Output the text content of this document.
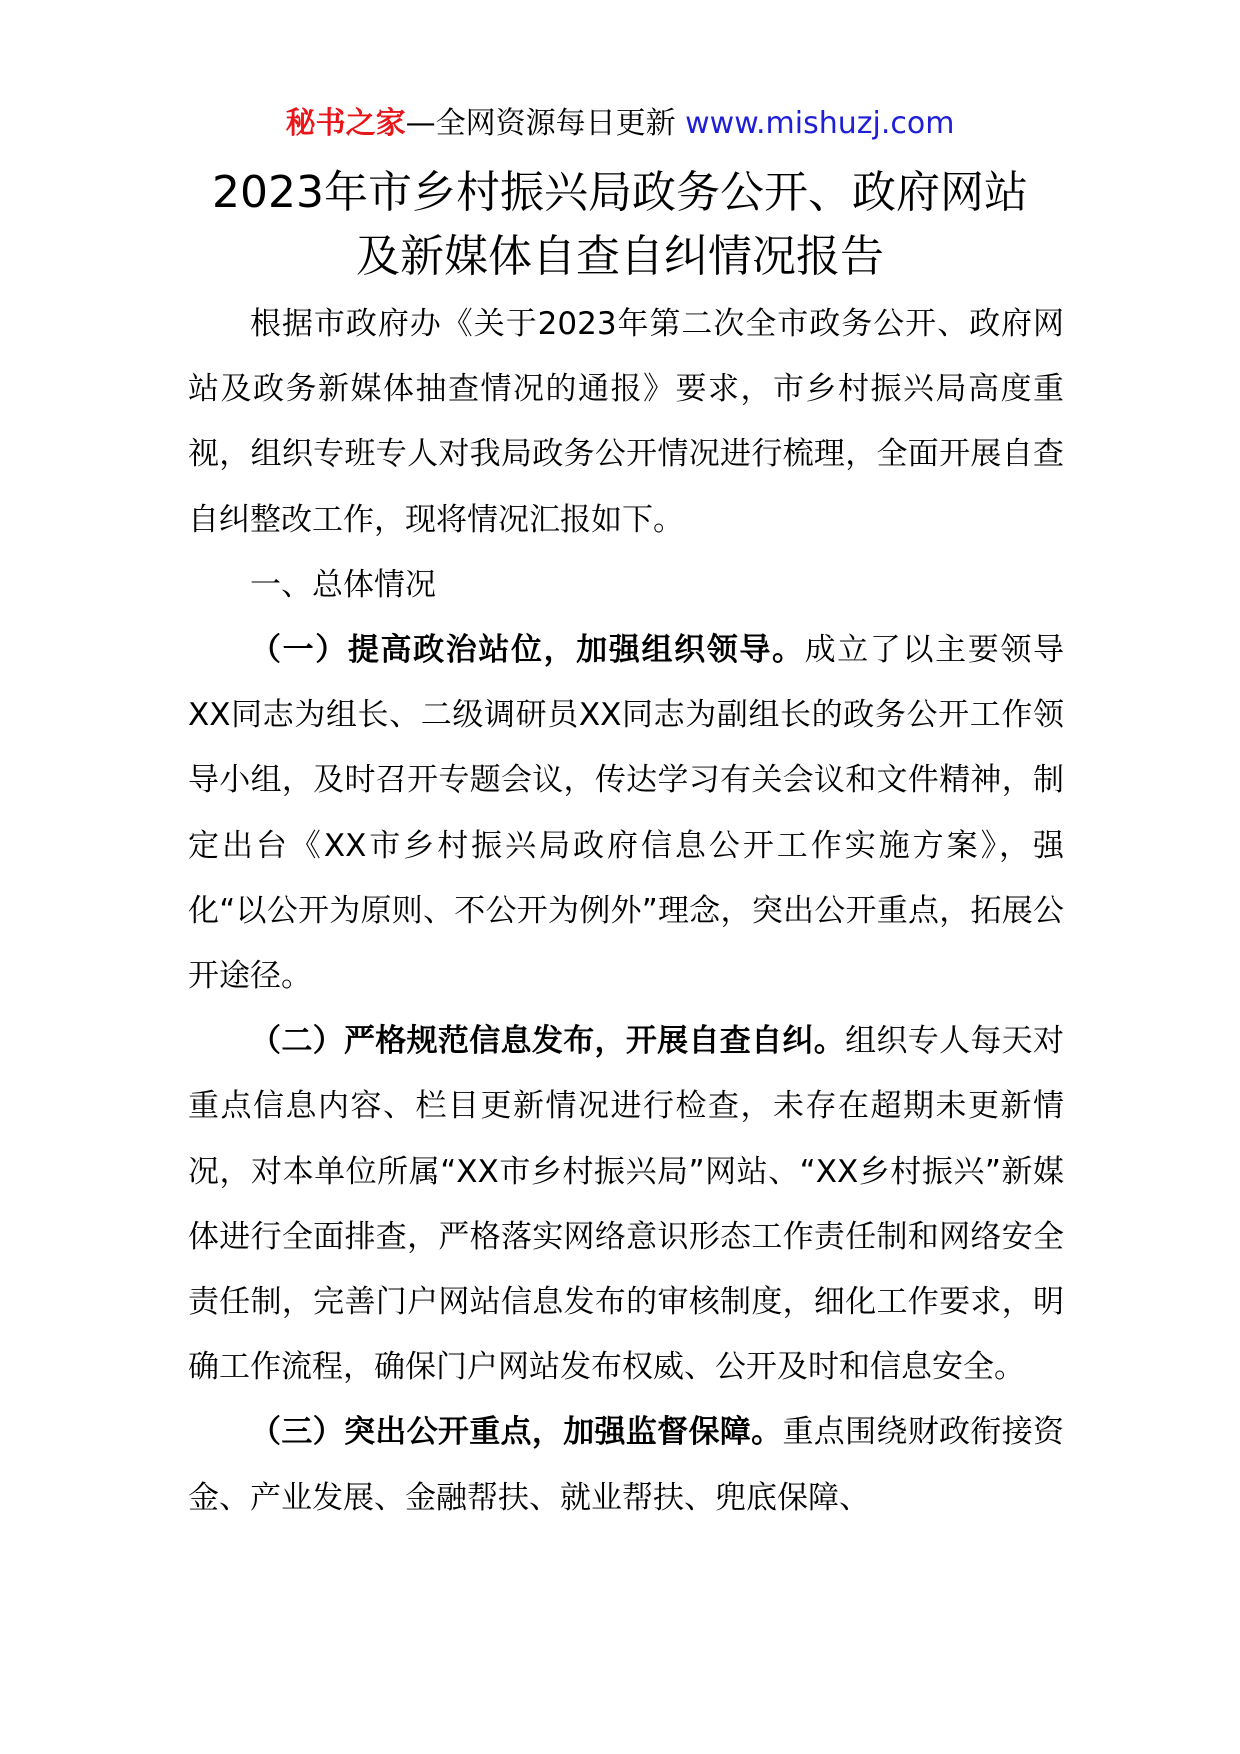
秘书之家—全网资源每日更新 www.mishuzj.com
2023年市乡村振兴局政务公开、政府网站
及新媒体自查自纠情况报告

根据市政府办《关于2023年第二次全市政务公开、政府网站及政务新媒体抽查情况的通报》要求，市乡村振兴局高度重视，组织专班专人对我局政务公开情况进行梳理，全面开展自查自纠整改工作，现将情况汇报如下。

一、总体情况

（一）提高政治站位，加强组织领导。成立了以主要领导XX同志为组长、二级调研员XX同志为副组长的政务公开工作领导小组，及时召开专题会议，传达学习有关会议和文件精神，制定出台《XX市乡村振兴局政府信息公开工作实施方案》，强化“以公开为原则、不公开为例外”理念，突出公开重点，拓展公开途径。

（二）严格规范信息发布，开展自查自纠。组织专人每天对重点信息内容、栏目更新情况进行检查，未存在超期未更新情况，对本单位所属“XX市乡村振兴局”网站、“XX乡村振兴”新媒体进行全面排查，严格落实网络意识形态工作责任制和网络安全责任制，完善门户网站信息发布的审核制度，细化工作要求，明确工作流程，确保门户网站发布权威、公开及时和信息安全。

（三）突出公开重点，加强监督保障。重点围绕财政衔接资金、产业发展、金融帮扶、就业帮扶、兜底保障、
